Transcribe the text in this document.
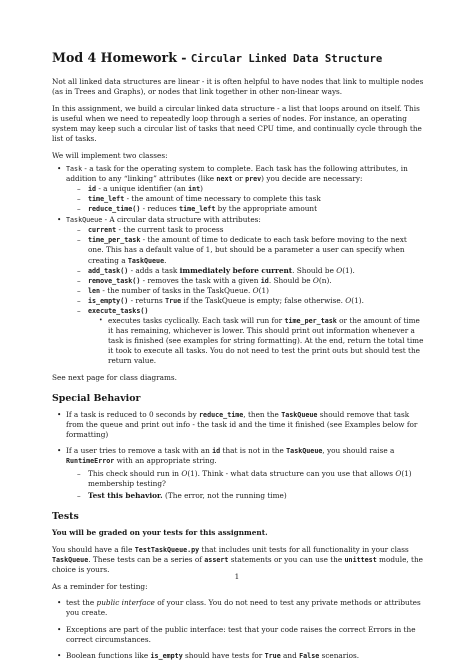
Mod 4 Homework - Circular Linked Data Structure

Not all linked data structures are linear - it is often helpful to have nodes that link to multiple nodes (as in Trees and Graphs), or nodes that link together in other non-linear ways.

In this assignment, we build a circular linked data structure - a list that loops around on itself. This is useful when we need to repeatedly loop through a series of nodes. For instance, an operating system may keep such a circular list of tasks that need CPU time, and continually cycle through the list of tasks.

We will implement two classes:

• Task - a task for the operating system to complete. Each task has the following attributes, in addition to any “linking” attributes (like next or prev) you decide are necessary:
– id - a unique identifier (an int)
– time_left - the amount of time necessary to complete this task
– reduce_time() - reduces time_left by the appropriate amount
• TaskQueue - A circular data structure with attributes:
– current - the current task to process
– time_per_task - the amount of time to dedicate to each task before moving to the next one. This has a default value of 1, but should be a parameter a user can specify when creating a TaskQueue.
– add_task() - adds a task immediately before current. Should be O(1).
– remove_task() - removes the task with a given id. Should be O(n).
– len - the number of tasks in the TaskQueue. O(1)
– is_empty() - returns True if the TaskQueue is empty; false otherwise. O(1).
– execute_tasks()
• executes tasks cyclically. Each task will run for time_per_task or the amount of time it has remaining, whichever is lower. This should print out information whenever a task is finished (see examples for string formatting). At the end, return the total time it took to execute all tasks. You do not need to test the print outs but should test the return value.

See next page for class diagrams.

Special Behavior
• If a task is reduced to 0 seconds by reduce_time, then the TaskQueue should remove that task from the queue and print out info - the task id and the time it finished (see Examples below for formatting)
• If a user tries to remove a task with an id that is not in the TaskQueue, you should raise a RuntimeError with an appropriate string.
– This check should run in O(1). Think - what data structure can you use that allows O(1) membership testing?
– Test this behavior. (The error, not the running time)
Tests

You will be graded on your tests for this assignment.

You should have a file TestTaskQueue.py that includes unit tests for all functionality in your class TaskQueue. These tests can be a series of assert statements or you can use the unittest module, the choice is yours.

As a reminder for testing:

• test the public interface of your class. You do not need to test any private methods or attributes you create.
• Exceptions are part of the public interface: test that your code raises the correct Errors in the correct circumstances.
• Boolean functions like is_empty should have tests for True and False scenarios.
1
